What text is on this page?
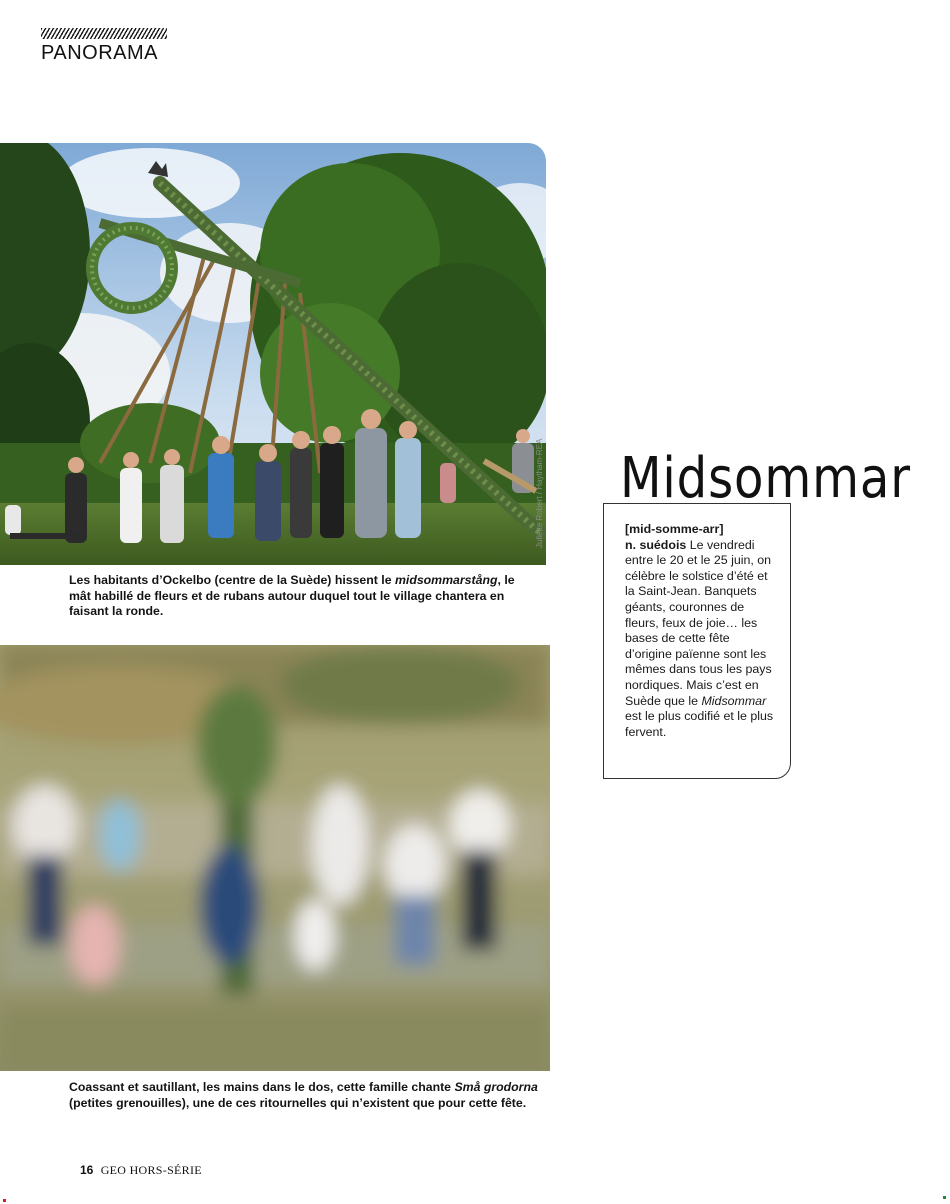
PANORAMA
Juliette Robert / Haytham-REA
Les habitants d’Ockelbo (centre de la Suède) hissent le midsommarstång, le mât habillé de fleurs et de rubans autour duquel tout le village chantera en faisant la ronde.
Midsommar
[mid-somme-arr]
n. suédois Le vendredi entre le 20 et le 25 juin, on célèbre le solstice d’été et la Saint-Jean. Banquets géants, couronnes de fleurs, feux de joie… les bases de cette fête d’origine païenne sont les mêmes dans tous les pays nordiques. Mais c’est en Suède que le Midsommar est le plus codifié et le plus fervent.
Coassant et sautillant, les mains dans le dos, cette famille chante Små grodorna (petites grenouilles), une de ces ritournelles qui n’existent que pour cette fête.
16 GEO HORS-SÉRIE
